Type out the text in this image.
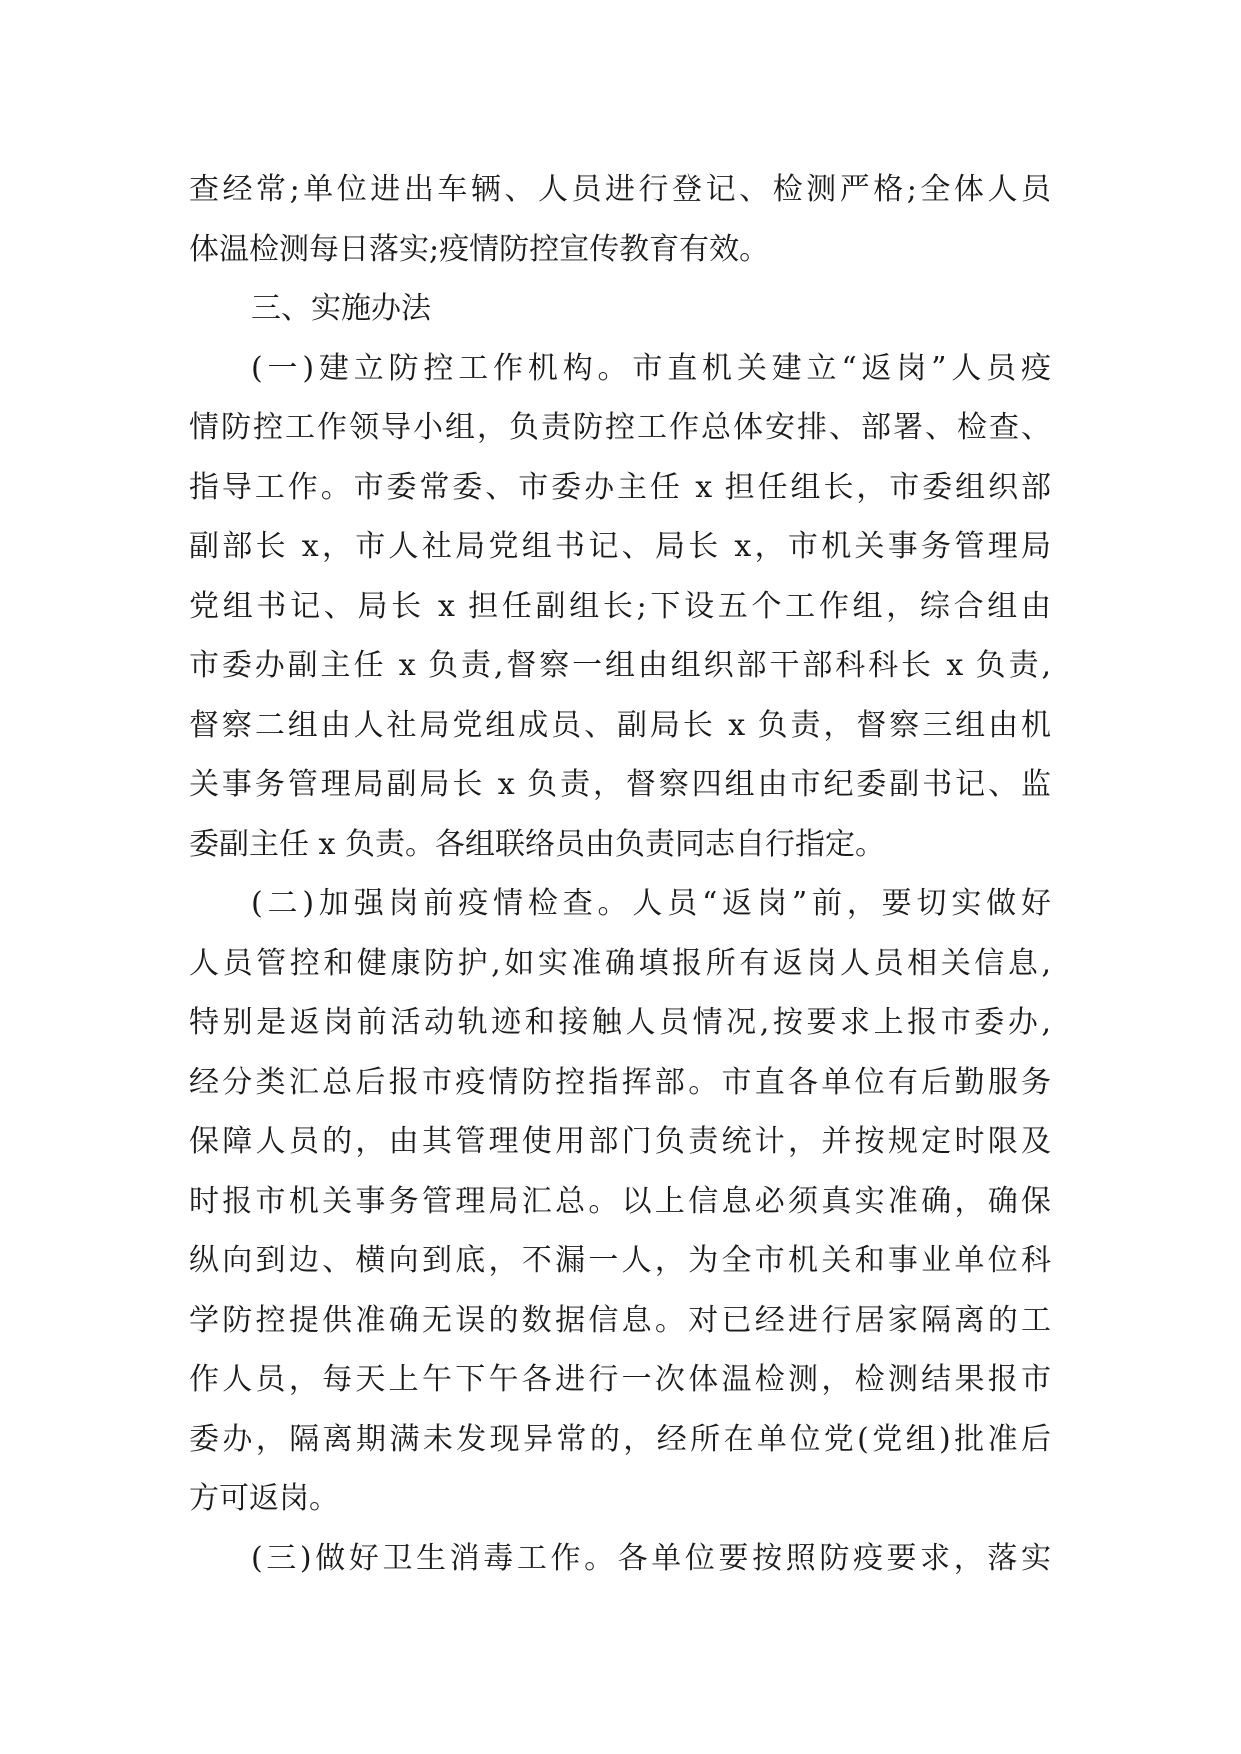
查经常;单位进出车辆、人员进行登记、检测严格;全体人员
体温检测每日落实;疫情防控宣传教育有效。
三、实施办法
(一)建立防控工作机构。市直机关建立“返岗”人员疫
情防控工作领导小组，负责防控工作总体安排、部署、检查、
指导工作。市委常委、市委办主任 x 担任组长，市委组织部
副部长 x，市人社局党组书记、局长 x，市机关事务管理局
党组书记、局长 x 担任副组长;下设五个工作组，综合组由
市委办副主任 x 负责,督察一组由组织部干部科科长 x 负责,
督察二组由人社局党组成员、副局长 x 负责，督察三组由机
关事务管理局副局长 x 负责，督察四组由市纪委副书记、监
委副主任 x 负责。各组联络员由负责同志自行指定。
(二)加强岗前疫情检查。人员“返岗”前，要切实做好
人员管控和健康防护,如实准确填报所有返岗人员相关信息,
特别是返岗前活动轨迹和接触人员情况,按要求上报市委办,
经分类汇总后报市疫情防控指挥部。市直各单位有后勤服务
保障人员的，由其管理使用部门负责统计，并按规定时限及
时报市机关事务管理局汇总。以上信息必须真实准确，确保
纵向到边、横向到底，不漏一人，为全市机关和事业单位科
学防控提供准确无误的数据信息。对已经进行居家隔离的工
作人员，每天上午下午各进行一次体温检测，检测结果报市
委办，隔离期满未发现异常的，经所在单位党(党组)批准后
方可返岗。
(三)做好卫生消毒工作。各单位要按照防疫要求，落实
